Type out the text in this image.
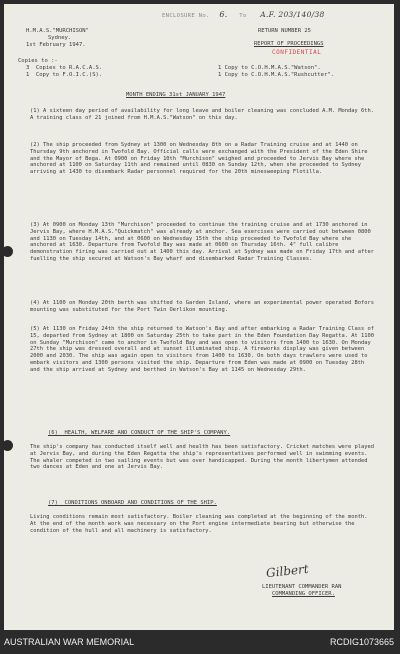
ENCLOSURE No. 6. To A.F. 203/140/38
H.M.A.S."MURCHISON"
Sydney.
1st February 1947.
RETURN NUMBER 25
REPORT OF PROCEEDINGS
CONFIDENTIAL
Copies to :-
3  Copies to R.A.C.A.S.	1 Copy to C.O.H.M.A.S."Watson".
1  Copy to F.O.I.C.(S).	1 Copy to C.O.H.M.A.S."Rushcutter".
MONTH ENDING 31st JANUARY 1947
(1) A sixteen day period of availability for long leave and boiler cleaning was concluded A.M. Monday 6th. A training class of 21 joined from H.M.A.S."Watson" on this day.
(2) The ship proceeded from Sydney at 1300 on Wednesday 8th on a Radar Training cruise and at 1440 on Thursday 9th anchored in Twofold Bay. Official calls were exchanged with the President of the Eden Shire and the Mayor of Bega. At 0900 on Friday 10th "Murchison" weighed and proceeded to Jervis Bay where she anchored at 1100 on Saturday 11th and remained until 0830 on Sunday 12th, when she proceeded to Sydney arriving at 1430 to disembark Radar personnel required for the 20th minesweeping Flotilla.
(3) At 0900 on Monday 13th "Murchison" proceeded to continue the training cruise and at 1730 anchored in Jervis Bay, where H.M.A.S."Quickmatch" was already at anchor. Sea exercises were carried out between 0800 and 1130 on Tuesday 14th, and at 0600 on Wednesday 15th the ship proceeded to Twofold Bay where she anchored at 1630. Departure from Twofold Bay was made at 0600 on Thursday 16th. 4" full calibre demonstration firing was carried out at 1400 this day. Arrival at Sydney was made on Friday 17th and after fuelling the ship secured at Watson's Bay wharf and disembarked Radar Training Classes.
(4) At 1100 on Monday 20th berth was shifted to Garden Island, where an experimental power operated Bofors mounting was substituted for the Port Twin Oerlikon mounting.
(5) At 1130 on Friday 24th the ship returned to Watson's Bay and after embarking a Radar Training Class of 15, departed from Sydney at 1800 on Saturday 25th to take part in the Eden Foundation Day Regatta. At 1100 on Sunday "Murchison" came to anchor in Twofold Bay and was open to visitors from 1400 to 1630. On Monday 27th the ship was dressed overall and at sunset illuminated ship. A fireworks display was given between 2000 and 2030. The ship was again open to visitors from 1400 to 1630. On both days trawlers were used to embark visitors and 1300 persons visited the ship. Departure from Eden was made at 0900 on Tuesday 28th and the ship arrived at Sydney and berthed in Watson's Bay at 1145 on Wednesday 29th.
(6)  HEALTH, WELFARE AND CONDUCT OF THE SHIP'S COMPANY.
The ship's company has conducted itself well and health has been satisfactory. Cricket matches were played at Jervis Bay, and during the Eden Regatta the ship's representatives performed well in swimming events. The whaler competed in two sailing events but was over handicapped. During the month libertymen attended two dances at Eden and one at Jervis Bay.
(7)  CONDITIONS ONBOARD AND CONDITIONS OF THE SHIP.
Living conditions remain most satisfactory. Boiler cleaning was completed at the beginning of the month. At the end of the month work was necessary on the Port engine intermediate bearing but otherwise the condition of the hull and all machinery is satisfactory.
Gilbert
LIEUTENANT COMMANDER RAN
COMMANDING OFFICER.
AUSTRALIAN WAR MEMORIAL	RCDIG1073665
